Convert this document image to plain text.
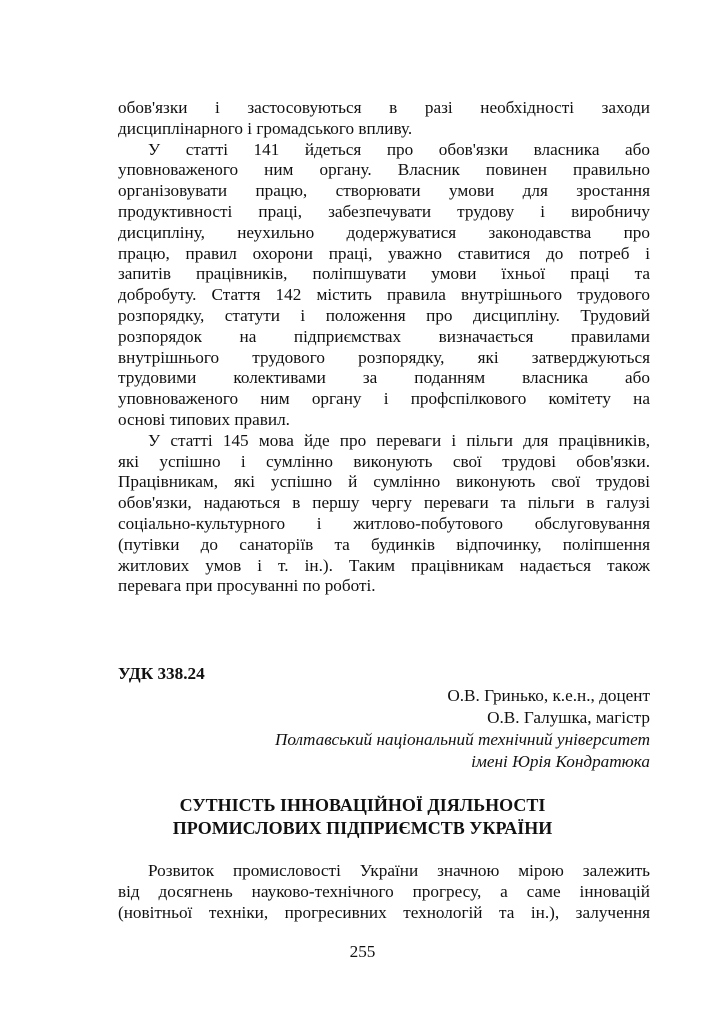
обов'язки і застосовуються в разі необхідності заходи
дисциплінарного і громадського впливу.
У статті 141 йдеться про обов'язки власника або
уповноваженого ним органу. Власник повинен правильно
організовувати працю, створювати умови для зростання
продуктивності праці, забезпечувати трудову і виробничу
дисципліну, неухильно додержуватися законодавства про
працю, правил охорони праці, уважно ставитися до потреб і
запитів працівників, поліпшувати умови їхньої праці та
добробуту. Стаття 142 містить правила внутрішнього трудового
розпорядку, статути і положення про дисципліну. Трудовий
розпорядок на підприємствах визначається правилами
внутрішнього трудового розпорядку, які затверджуються
трудовими колективами за поданням власника або
уповноваженого ним органу і профспілкового комітету на
основі типових правил.
У статті 145 мова йде про переваги і пільги для працівників,
які успішно і сумлінно виконують свої трудові обов'язки.
Працівникам, які успішно й сумлінно виконують свої трудові
обов'язки, надаються в першу чергу переваги та пільги в галузі
соціально-культурного і житлово-побутового обслуговування
(путівки до санаторіїв та будинків відпочинку, поліпшення
житлових умов і т. ін.). Таким працівникам надається також
перевага при просуванні по роботі.
УДК 338.24
О.В. Гринько, к.е.н., доцент
О.В. Галушка, магістр
Полтавський національний технічний університет
імені Юрія Кондратюка
СУТНІСТЬ ІННОВАЦІЙНОЇ ДІЯЛЬНОСТІ
ПРОМИСЛОВИХ ПІДПРИЄМСТВ УКРАЇНИ
Розвиток промисловості України значною мірою залежить
від досягнень науково-технічного прогресу, а саме інновацій
(новітньої техніки, прогресивних технологій та ін.), залучення
255
